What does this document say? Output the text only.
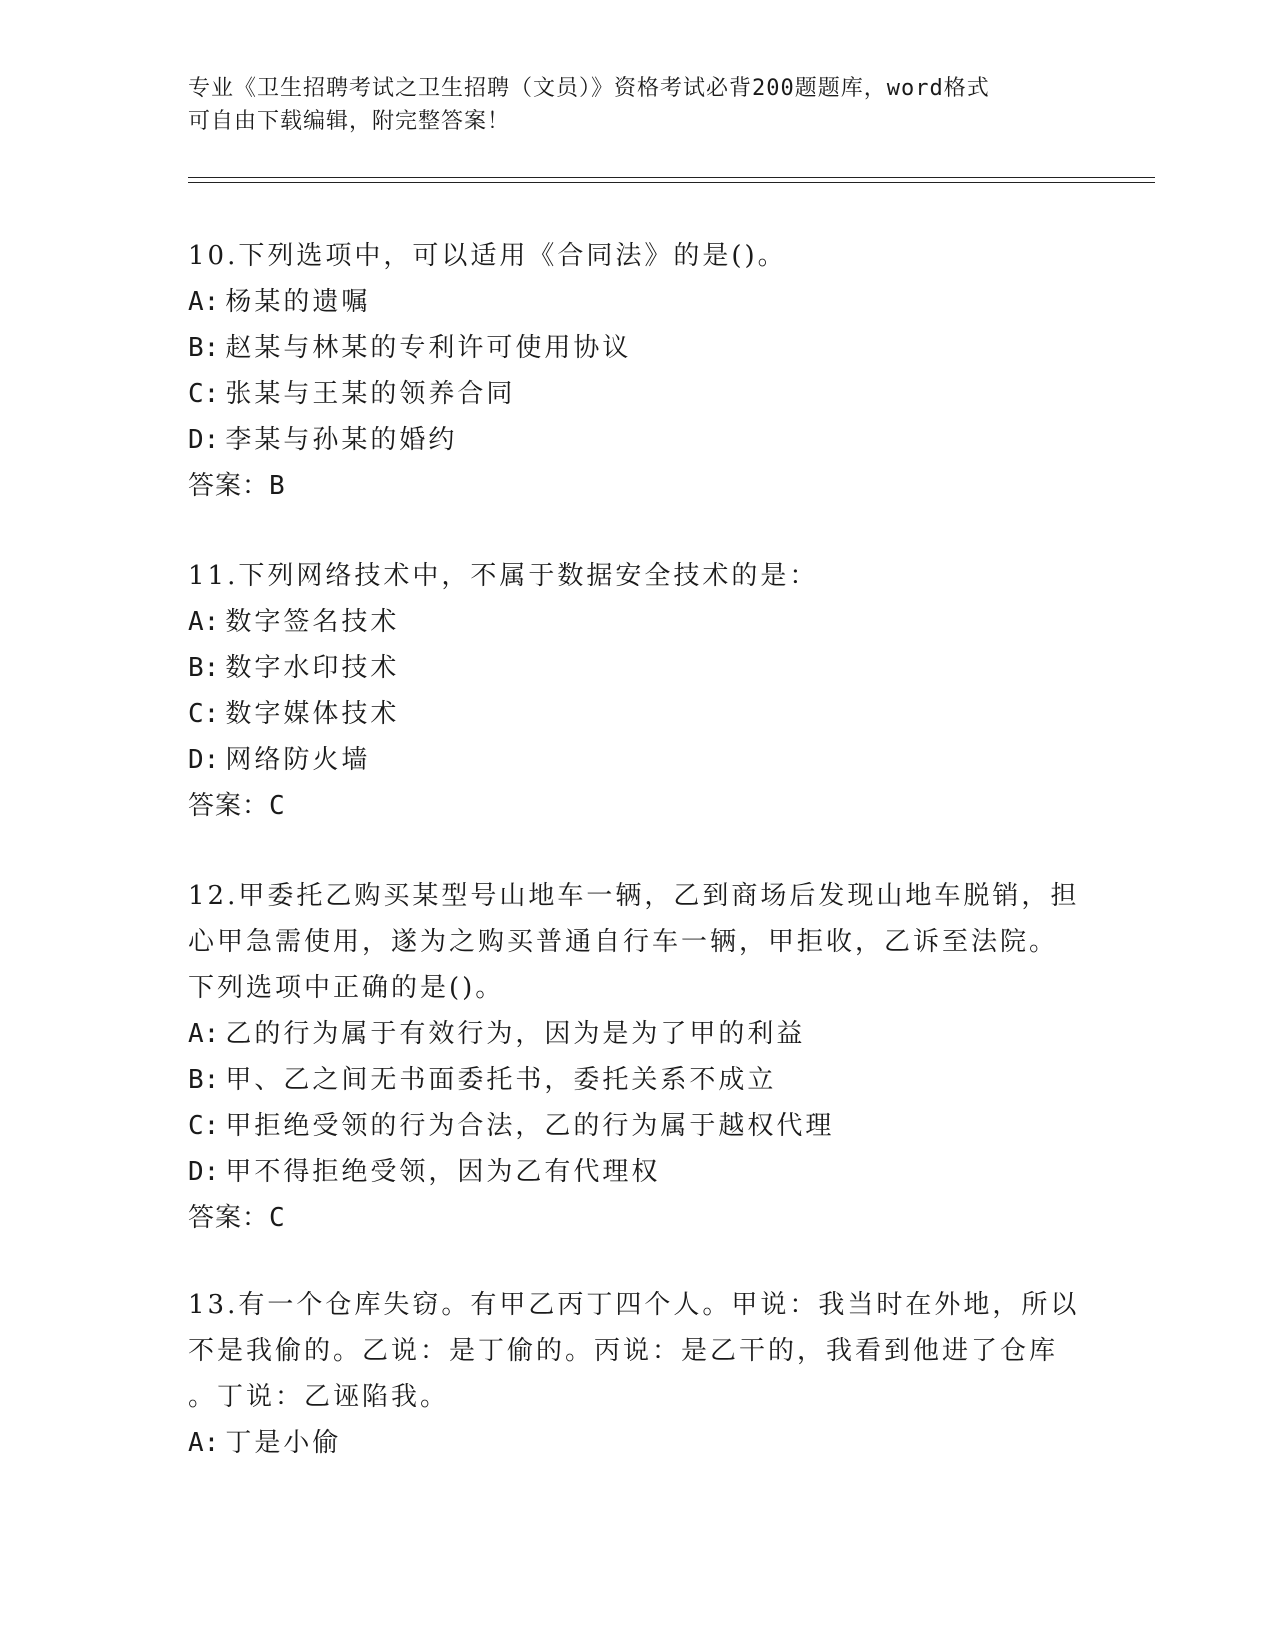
专业《卫生招聘考试之卫生招聘（文员）》资格考试必背200题题库，word格式
可自由下载编辑，附完整答案！
10.下列选项中，可以适用《合同法》的是()。
A: 杨某的遗嘱
B: 赵某与林某的专利许可使用协议
C: 张某与王某的领养合同
D: 李某与孙某的婚约
答案：B
11.下列网络技术中，不属于数据安全技术的是：
A: 数字签名技术
B: 数字水印技术
C: 数字媒体技术
D: 网络防火墙
答案：C
12.甲委托乙购买某型号山地车一辆，乙到商场后发现山地车脱销，担
心甲急需使用，遂为之购买普通自行车一辆，甲拒收，乙诉至法院。
下列选项中正确的是()。
A: 乙的行为属于有效行为，因为是为了甲的利益
B: 甲、乙之间无书面委托书，委托关系不成立
C: 甲拒绝受领的行为合法，乙的行为属于越权代理
D: 甲不得拒绝受领，因为乙有代理权
答案：C
13.有一个仓库失窃。有甲乙丙丁四个人。甲说：我当时在外地，所以
不是我偷的。乙说：是丁偷的。丙说：是乙干的，我看到他进了仓库
。丁说：乙诬陷我。
A: 丁是小偷
